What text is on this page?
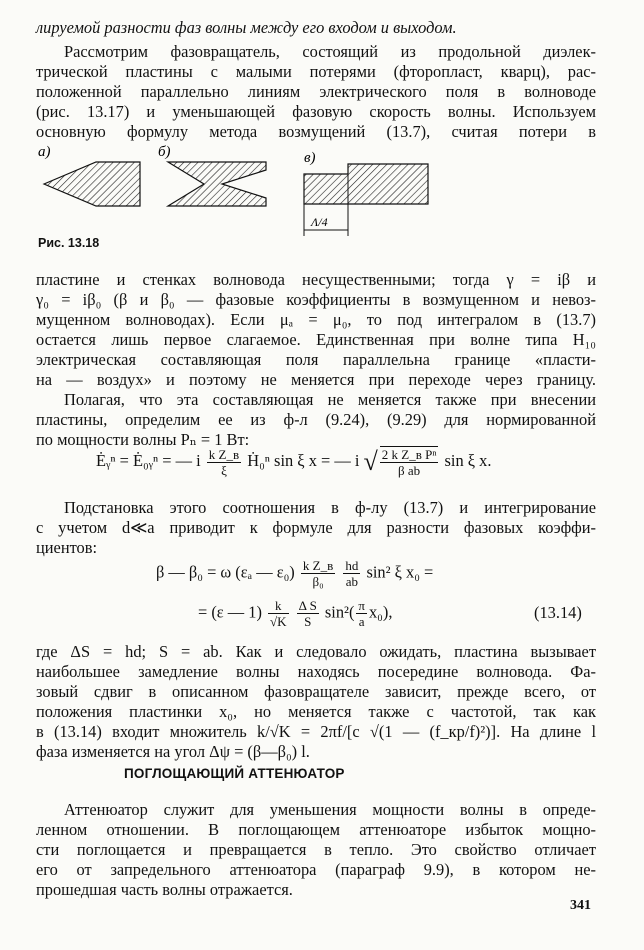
лируемой разности фаз волны между его входом и выходом.
Рассмотрим фазовращатель, состоящий из продольной диэлек-
трической пластины с малыми потерями (фторопласт, кварц), рас-
положенной параллельно линиям электрического поля в волноводе
(рис. 13.17) и уменьшающей фазовую скорость волны. Используем
основную формулу метода возмущений (13.7), считая потери в
а)	б)	в)
Λ/4
Рис. 13.18
пластине и стенках волновода несущественными; тогда γ = iβ и
γ₀ = iβ₀ (β и β₀ — фазовые коэффициенты в возмущенном и невоз-
мущенном волноводах). Если μₐ = μ₀, то под интегралом в (13.7)
остается лишь первое слагаемое. Единственная при волне типа H₁₀
электрическая составляющая поля параллельна границе «пласти-
на — воздух» и поэтому не меняется при переходе через границу.
Полагая, что эта составляющая не меняется также при внесении
пластины, определим ее из ф-л (9.24), (9.29) для нормированной
по мощности волны Pₙ = 1 Вт:
Ėᵧⁿ = Ė₀ᵧⁿ = — i $\frac{\text{k Z\_в}}{\xi}$ Ḣ₀ⁿ sin ξ x = — i √ $\frac{\text{2 k Z\_в Pⁿ}}{\text{β ab}}$ sin ξ x.
Подстановка этого соотношения в ф-лу (13.7) и интегрирование
с учетом d≪a приводит к формуле для разности фазовых коэффи-
циентов:
β — β₀ = ω (εₐ — $\varepsilon_0) \frac{\text{k Z\_в}}{\text{β₀}}$
$\frac{hd}{ab} \sin^2$ ξ x₀ =
= (ε — $1) \frac{k}{√K}$
$\frac{\text{Δ S}}{S} \sin^2( \frac{\pi}{a} x_0)$,	(13.14)
где ΔS = hd; S = ab. Как и следовало ожидать, пластина вызывает
наибольшее замедление волны находясь посередине волновода. Фа-
зовый сдвиг в описанном фазовращателе зависит, прежде всего, от
положения пластинки x₀, но меняется также с частотой, так как
в (13.14) входит множитель k/√K = 2πf/[c √(1 — (f_кр/f)²)]. На длине l
фаза изменяется на угол Δψ = (β—β₀) l.
ПОГЛОЩАЮЩИЙ АТТЕНЮАТОР
Аттенюатор служит для уменьшения мощности волны в опреде-
ленном отношении. В поглощающем аттенюаторе избыток мощно-
сти поглощается и превращается в тепло. Это свойство отличает
его от запредельного аттенюатора (параграф 9.9), в котором не-
прошедшая часть волны отражается.
341
